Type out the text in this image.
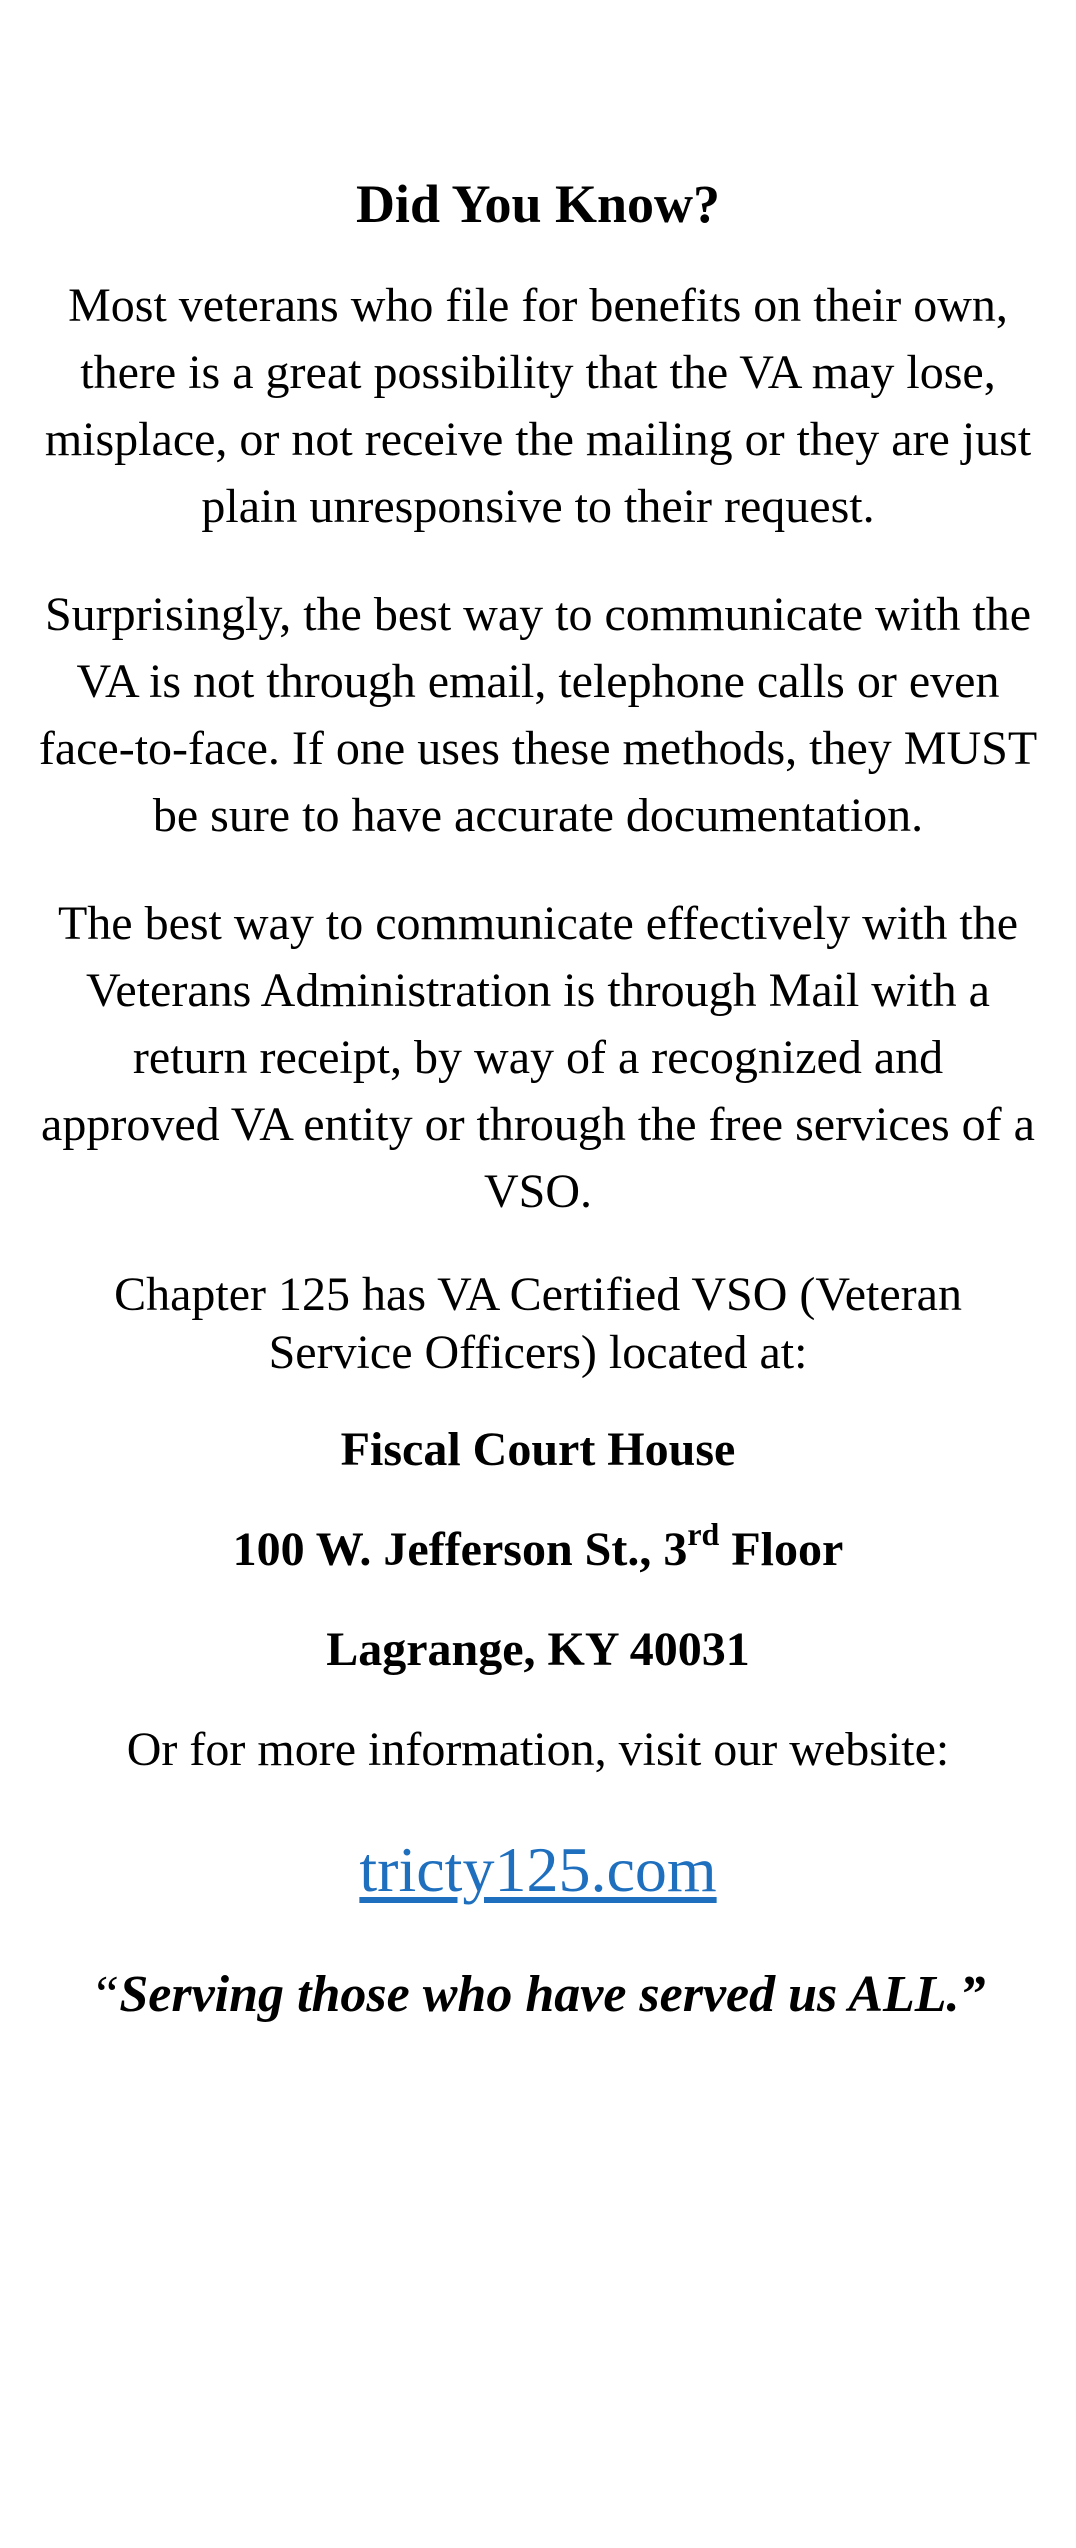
Did You Know?

Most veterans who file for benefits on their own, there is a great possibility that the VA may lose, misplace, or not receive the mailing or they are just plain unresponsive to their request.

Surprisingly, the best way to communicate with the VA is not through email, telephone calls or even face-to-face. If one uses these methods, they MUST be sure to have accurate documentation.

The best way to communicate effectively with the Veterans Administration is through Mail with a return receipt, by way of a recognized and approved VA entity or through the free services of a VSO.

Chapter 125 has VA Certified VSO (Veteran Service Officers) located at:

Fiscal Court House

100 W. Jefferson St., 3rd Floor

Lagrange, KY 40031

Or for more information, visit our website:

tricty125.com

“Serving those who have served us ALL.”
